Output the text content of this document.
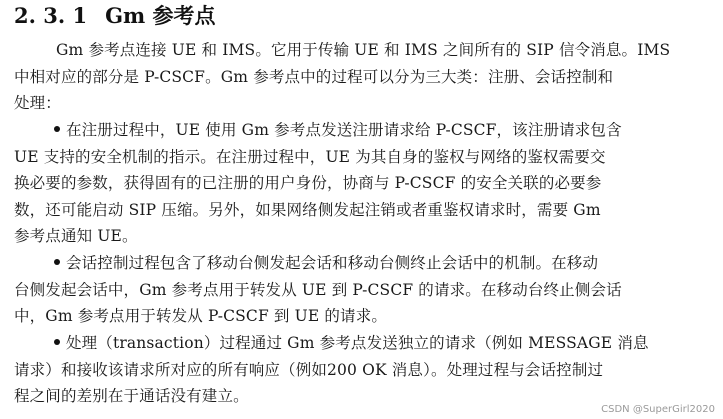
2. 3. 1 Gm 参考点
Gm 参考点连接 UE 和 IMS。它用于传输 UE 和 IMS 之间所有的 SIP 信令消息。IMS
中相对应的部分是 P-CSCF。Gm 参考点中的过程可以分为三大类：注册、会话控制和
处理：
在注册过程中，UE 使用 Gm 参考点发送注册请求给 P-CSCF，该注册请求包含
UE 支持的安全机制的指示。在注册过程中，UE 为其自身的鉴权与网络的鉴权需要交
换必要的参数，获得固有的已注册的用户身份，协商与 P-CSCF 的安全关联的必要参
数，还可能启动 SIP 压缩。另外，如果网络侧发起注销或者重鉴权请求时，需要 Gm
参考点通知 UE。
会话控制过程包含了移动台侧发起会话和移动台侧终止会话中的机制。在移动
台侧发起会话中，Gm 参考点用于转发从 UE 到 P-CSCF 的请求。在移动台终止侧会话
中，Gm 参考点用于转发从 P-CSCF 到 UE 的请求。
处理（transaction）过程通过 Gm 参考点发送独立的请求（例如 MESSAGE 消息
请求）和接收该请求所对应的所有响应（例如200 OK 消息）。处理过程与会话控制过
程之间的差别在于通话没有建立。
CSDN @SuperGirl2020
